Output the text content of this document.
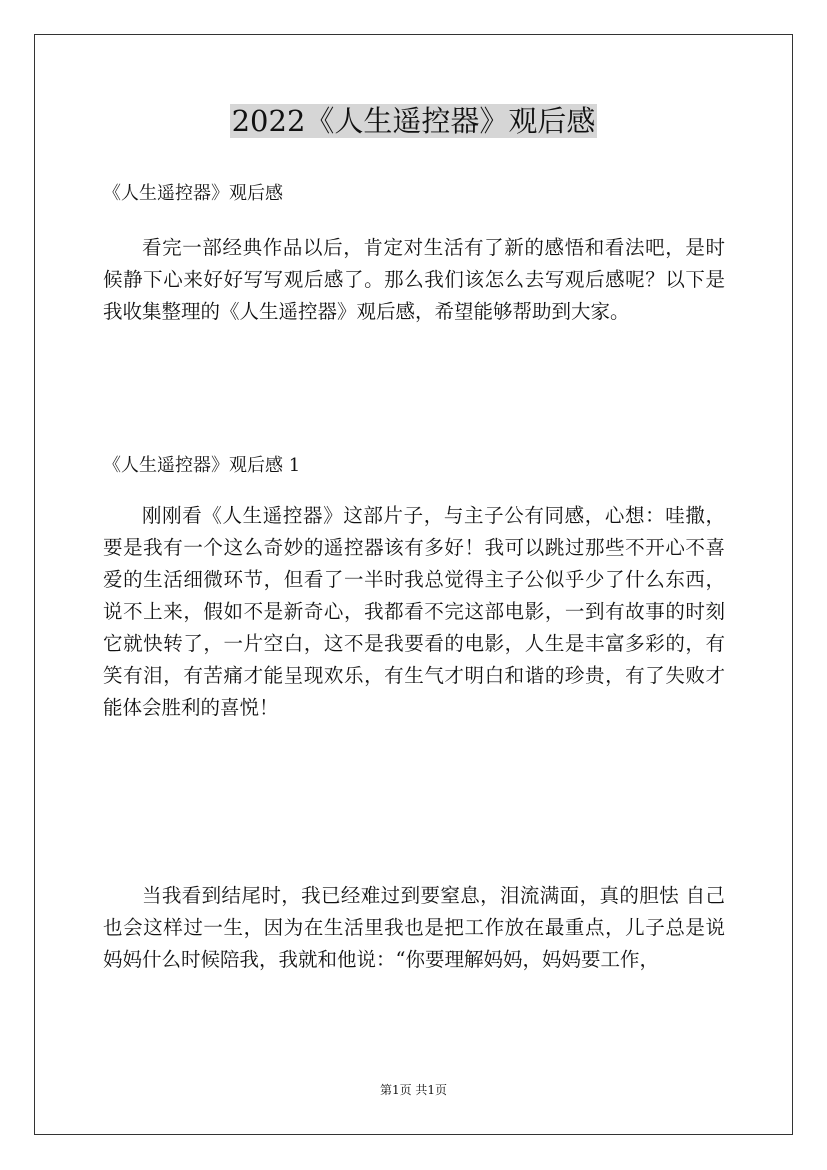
2022《人生遥控器》观后感
《人生遥控器》观后感

看完一部经典作品以后，肯定对生活有了新的感悟和看法吧，是时候静下心来好好写写观后感了。那么我们该怎么去写观后感呢？以下是我收集整理的《人生遥控器》观后感，希望能够帮助到大家。

《人生遥控器》观后感 1

刚刚看《人生遥控器》这部片子，与主子公有同感，心想：哇撒，要是我有一个这么奇妙的遥控器该有多好！我可以跳过那些不开心不喜爱的生活细微环节，但看了一半时我总觉得主子公似乎少了什么东西，说不上来，假如不是新奇心，我都看不完这部电影，一到有故事的时刻它就快转了，一片空白，这不是我要看的电影，人生是丰富多彩的，有笑有泪，有苦痛才能呈现欢乐，有生气才明白和谐的珍贵，有了失败才能体会胜利的喜悦！

当我看到结尾时，我已经难过到要窒息，泪流满面，真的胆怯 自己也会这样过一生，因为在生活里我也是把工作放在最重点，儿子总是说妈妈什么时候陪我，我就和他说：“你要理解妈妈，妈妈要工作，

第1页 共1页
